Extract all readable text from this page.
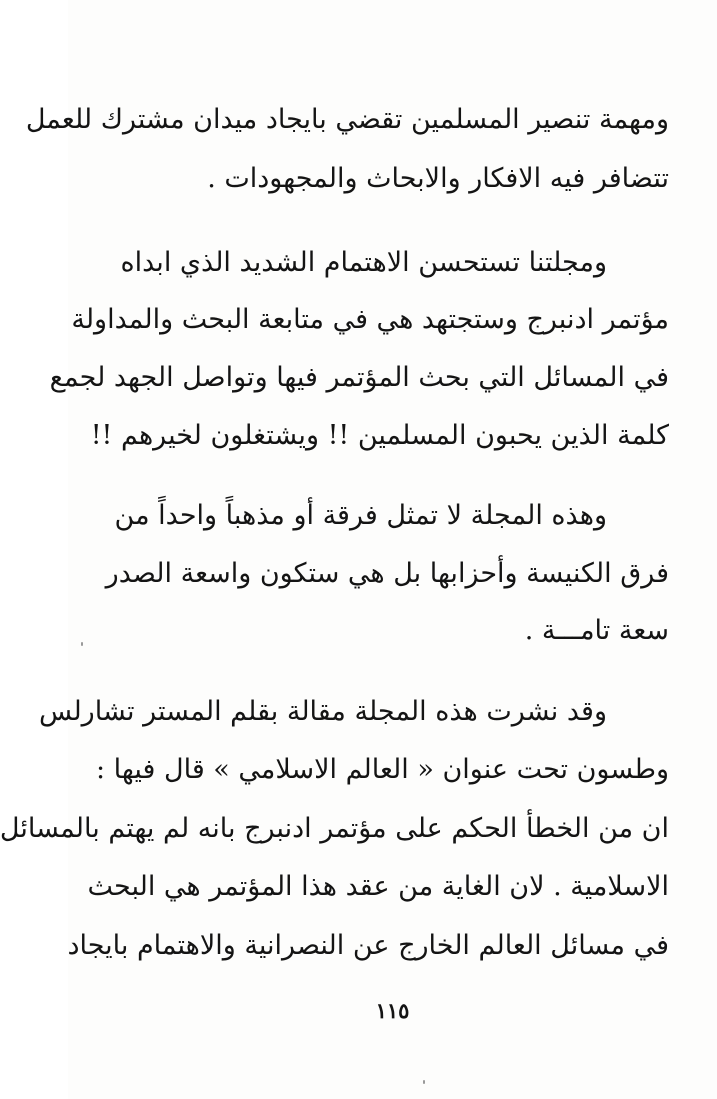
ومهمة تنصير المسلمين تقضي بايجاد ميدان مشترك للعمل
تتضافر فيه الافكار والابحاث والمجهودات .
ومجلتنا تستحسن الاهتمام الشديد الذي ابداه
مؤتمر ادنبرج وستجتهد هي في متابعة البحث والمداولة
في المسائل التي بحث المؤتمر فيها وتواصل الجهد لجمع
كلمة الذين يحبون المسلمين !! ويشتغلون لخيرهم !!
وهذه المجلة لا تمثل فرقة أو مذهباً واحداً من
فرق الكنيسة وأحزابها بل هي ستكون واسعة الصدر
سعة تامـــة .
وقد نشرت هذه المجلة مقالة بقلم المستر تشارلس
وطسون تحت عنوان « العالم الاسلامي » قال فيها :
ان من الخطأ الحكم على مؤتمر ادنبرج بانه لم يهتم بالمسائل
الاسلامية . لان الغاية من عقد هذا المؤتمر هي البحث
في مسائل العالم الخارج عن النصرانية والاهتمام بايجاد
١١٥
